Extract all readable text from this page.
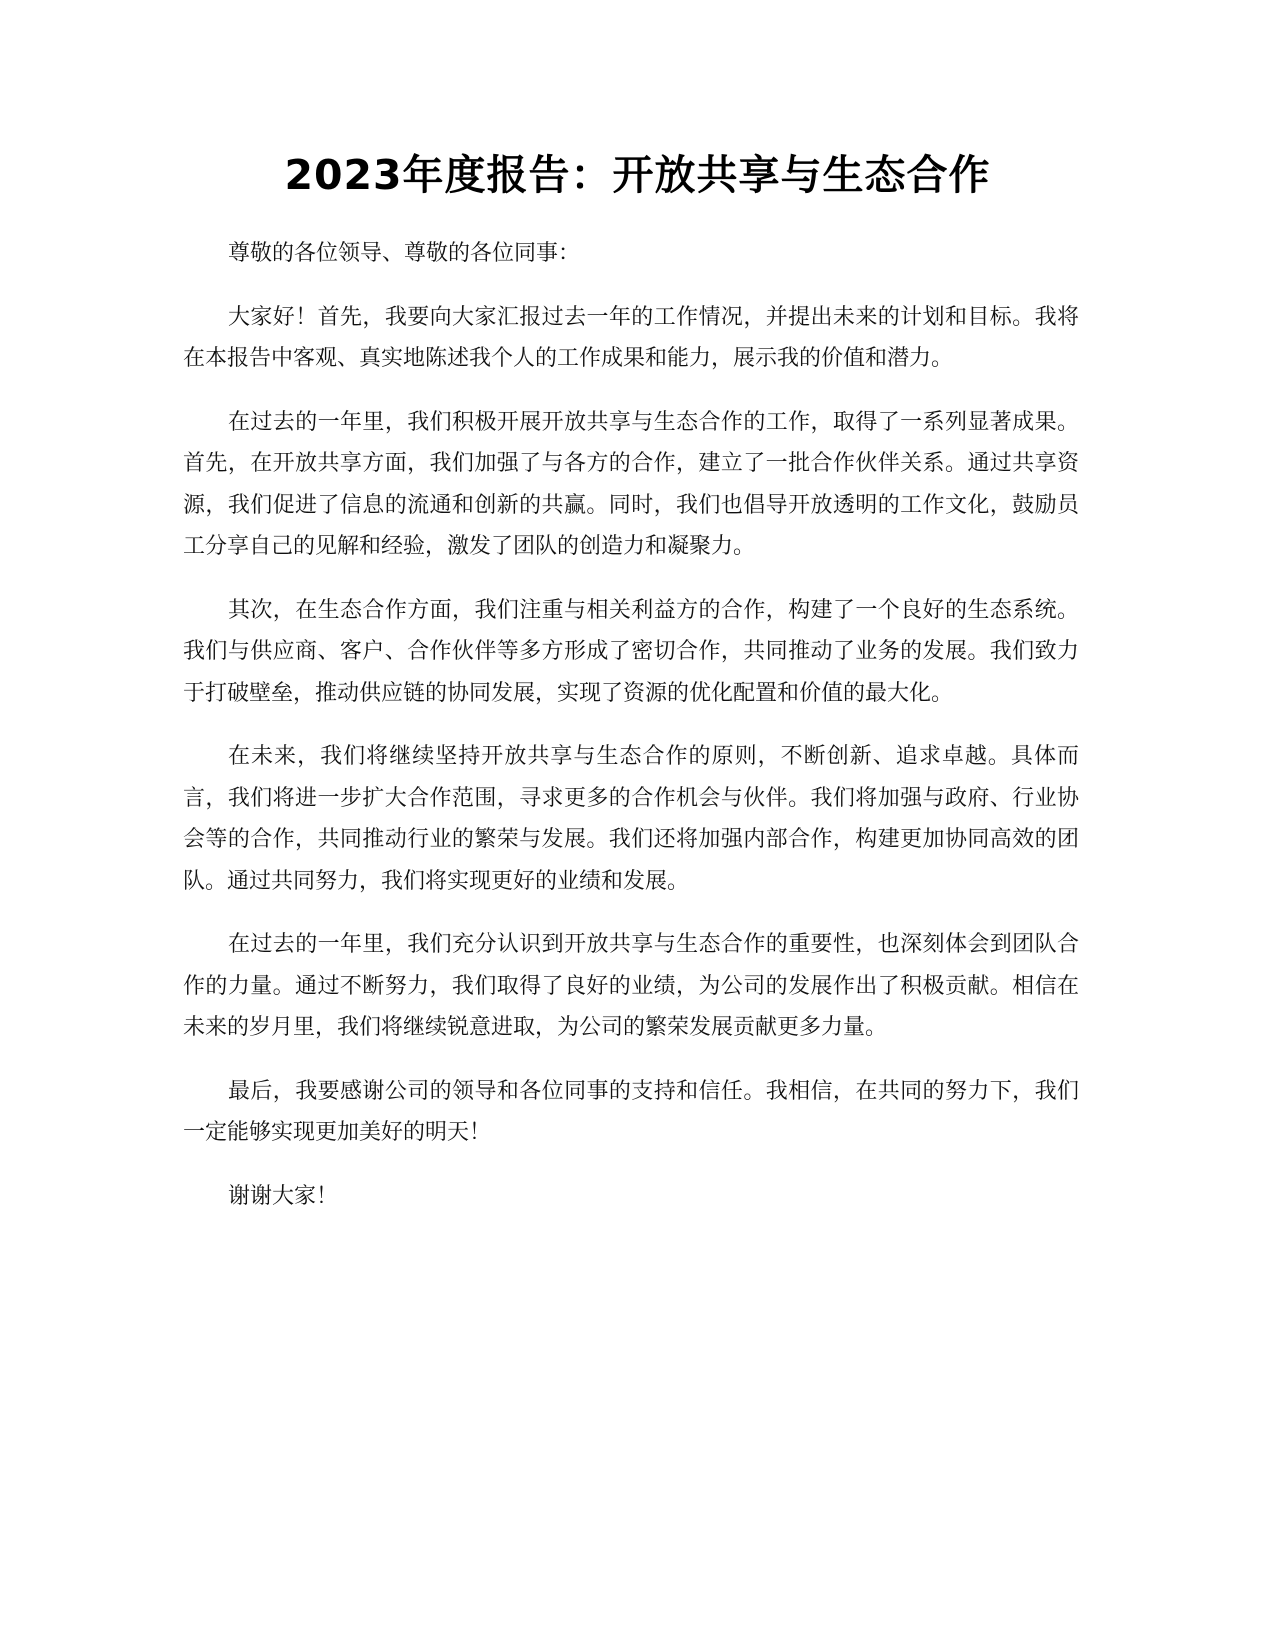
2023年度报告：开放共享与生态合作

尊敬的各位领导、尊敬的各位同事：

大家好！首先，我要向大家汇报过去一年的工作情况，并提出未来的计划和目标。我将在本报告中客观、真实地陈述我个人的工作成果和能力，展示我的价值和潜力。

在过去的一年里，我们积极开展开放共享与生态合作的工作，取得了一系列显著成果。首先，在开放共享方面，我们加强了与各方的合作，建立了一批合作伙伴关系。通过共享资源，我们促进了信息的流通和创新的共赢。同时，我们也倡导开放透明的工作文化，鼓励员工分享自己的见解和经验，激发了团队的创造力和凝聚力。

其次，在生态合作方面，我们注重与相关利益方的合作，构建了一个良好的生态系统。我们与供应商、客户、合作伙伴等多方形成了密切合作，共同推动了业务的发展。我们致力于打破壁垒，推动供应链的协同发展，实现了资源的优化配置和价值的最大化。

在未来，我们将继续坚持开放共享与生态合作的原则，不断创新、追求卓越。具体而言，我们将进一步扩大合作范围，寻求更多的合作机会与伙伴。我们将加强与政府、行业协会等的合作，共同推动行业的繁荣与发展。我们还将加强内部合作，构建更加协同高效的团队。通过共同努力，我们将实现更好的业绩和发展。

在过去的一年里，我们充分认识到开放共享与生态合作的重要性，也深刻体会到团队合作的力量。通过不断努力，我们取得了良好的业绩，为公司的发展作出了积极贡献。相信在未来的岁月里，我们将继续锐意进取，为公司的繁荣发展贡献更多力量。

最后，我要感谢公司的领导和各位同事的支持和信任。我相信，在共同的努力下，我们一定能够实现更加美好的明天！

谢谢大家！
